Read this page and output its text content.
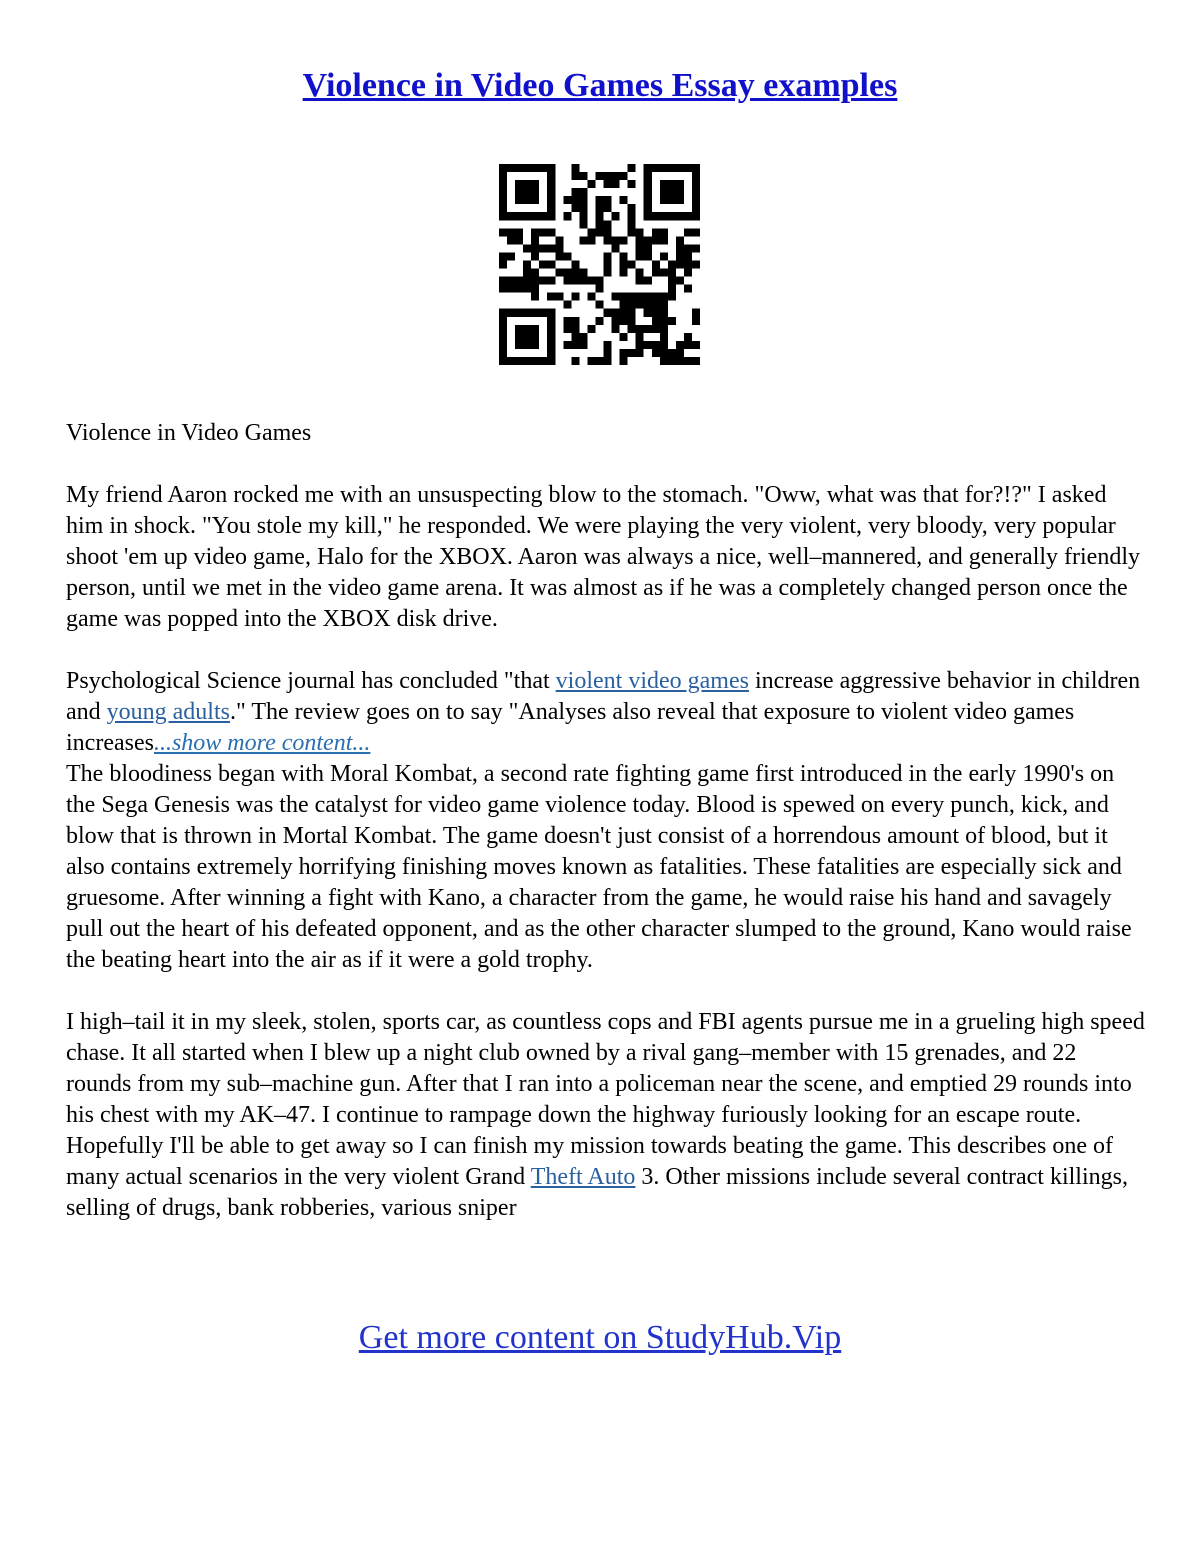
Violence in Video Games Essay examples

Violence in Video Games

My friend Aaron rocked me with an unsuspecting blow to the stomach. "Oww, what was that for?!?" I asked him in shock. "You stole my kill," he responded. We were playing the very violent, very bloody, very popular shoot 'em up video game, Halo for the XBOX. Aaron was always a nice, well–mannered, and generally friendly person, until we met in the video game arena. It was almost as if he was a completely changed person once the game was popped into the XBOX disk drive.

Psychological Science journal has concluded "that violent video games increase aggressive behavior in children and young adults." The review goes on to say "Analyses also reveal that exposure to violent video games increases...show more content...

The bloodiness began with Moral Kombat, a second rate fighting game first introduced in the early 1990's on the Sega Genesis was the catalyst for video game violence today. Blood is spewed on every punch, kick, and blow that is thrown in Mortal Kombat. The game doesn't just consist of a horrendous amount of blood, but it also contains extremely horrifying finishing moves known as fatalities. These fatalities are especially sick and gruesome. After winning a fight with Kano, a character from the game, he would raise his hand and savagely pull out the heart of his defeated opponent, and as the other character slumped to the ground, Kano would raise the beating heart into the air as if it were a gold trophy.

I high–tail it in my sleek, stolen, sports car, as countless cops and FBI agents pursue me in a grueling high speed chase. It all started when I blew up a night club owned by a rival gang–member with 15 grenades, and 22 rounds from my sub–machine gun. After that I ran into a policeman near the scene, and emptied 29 rounds into his chest with my AK–47. I continue to rampage down the highway furiously looking for an escape route. Hopefully I'll be able to get away so I can finish my mission towards beating the game. This describes one of many actual scenarios in the very violent Grand Theft Auto 3. Other missions include several contract killings, selling of drugs, bank robberies, various sniper

Get more content on StudyHub.Vip
